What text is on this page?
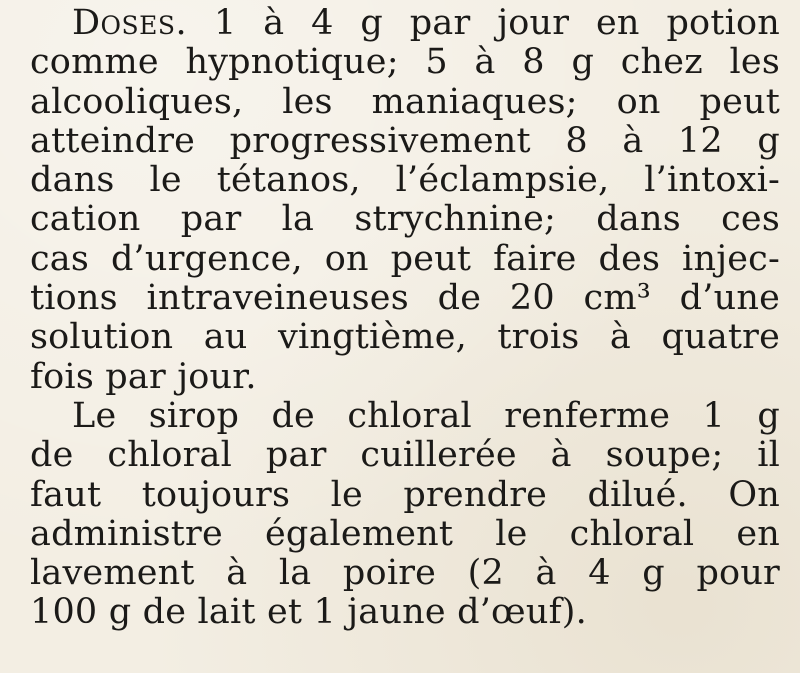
Doses. 1 à 4 g par jour en potion
comme hypnotique; 5 à 8 g chez les
alcooliques, les maniaques; on peut
atteindre progressivement 8 à 12 g
dans le tétanos, l’éclampsie, l’intoxi-
cation par la strychnine; dans ces
cas d’urgence, on peut faire des injec-
tions intraveineuses de 20 cm³ d’une
solution au vingtième, trois à quatre
fois par jour.
Le sirop de chloral renferme 1 g
de chloral par cuillerée à soupe; il
faut toujours le prendre dilué. On
administre également le chloral en
lavement à la poire (2 à 4 g pour
100 g de lait et 1 jaune d’œuf).
